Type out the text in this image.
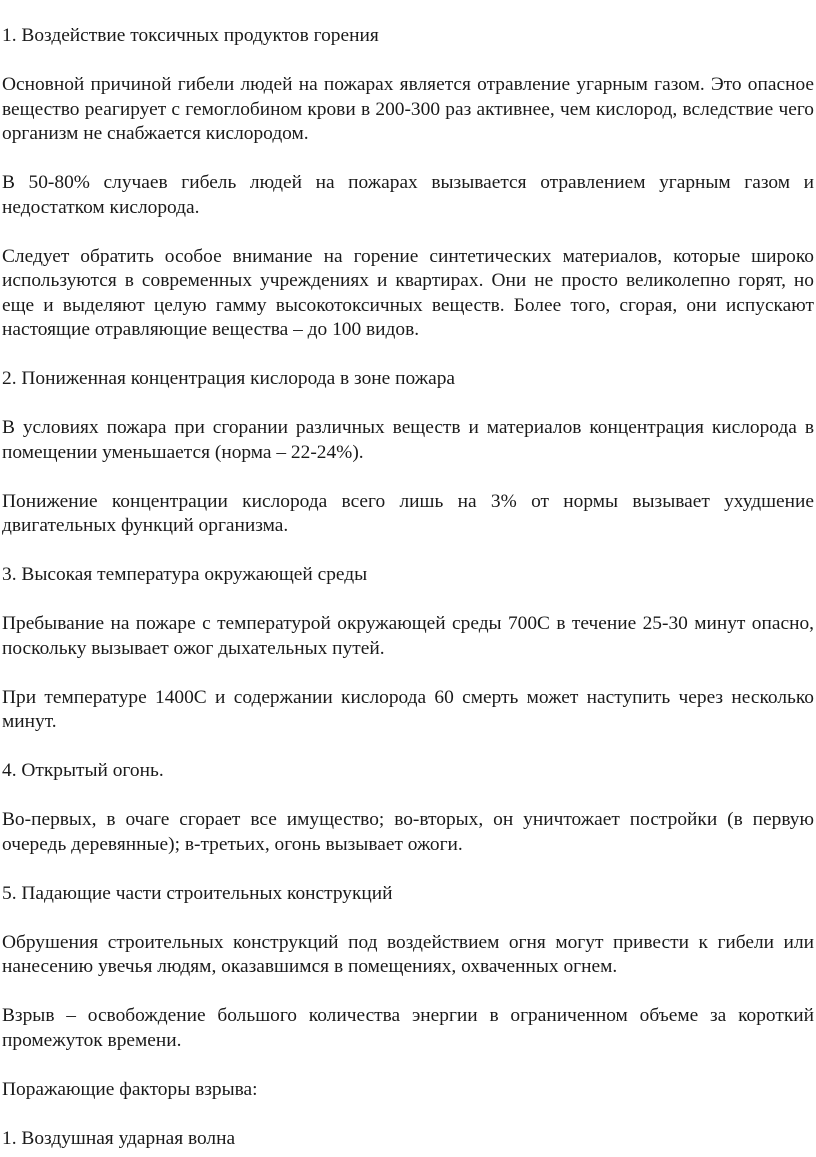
1. Воздействие токсичных продуктов горения
Основной причиной гибели людей на пожарах является отравление угарным газом. Это опасное вещество реагирует с гемоглобином крови в 200-300 раз активнее, чем кислород, вследствие чего организм не снабжается кислородом.
В 50-80% случаев гибель людей на пожарах вызывается отравлением угарным газом и недостатком кислорода.
Следует обратить особое внимание на горение синтетических материалов, которые широко используются в современных учреждениях и квартирах. Они не просто великолепно горят, но еще и выделяют целую гамму высокотоксичных веществ. Более того, сгорая, они испускают настоящие отравляющие вещества – до 100 видов.
2. Пониженная концентрация кислорода в зоне пожара
В условиях пожара при сгорании различных веществ и материалов концентрация кислорода в помещении уменьшается (норма – 22-24%).
Понижение концентрации кислорода всего лишь на 3% от нормы вызывает ухудшение двигательных функций организма.
3. Высокая температура окружающей среды
Пребывание на пожаре с температурой окружающей среды 700С в течение 25-30 минут опасно, поскольку вызывает ожог дыхательных путей.
При температуре 1400С и содержании кислорода 60 смерть может наступить через несколько минут.
4. Открытый огонь.
Во-первых, в очаге сгорает все имущество; во-вторых, он уничтожает постройки (в первую очередь деревянные); в-третьих, огонь вызывает ожоги.
5. Падающие части строительных конструкций
Обрушения строительных конструкций под воздействием огня могут привести к гибели или нанесению увечья людям, оказавшимся в помещениях, охваченных огнем.
Взрыв – освобождение большого количества энергии в ограниченном объеме за короткий промежуток времени.
Поражающие факторы взрыва:
1. Воздушная ударная волна
